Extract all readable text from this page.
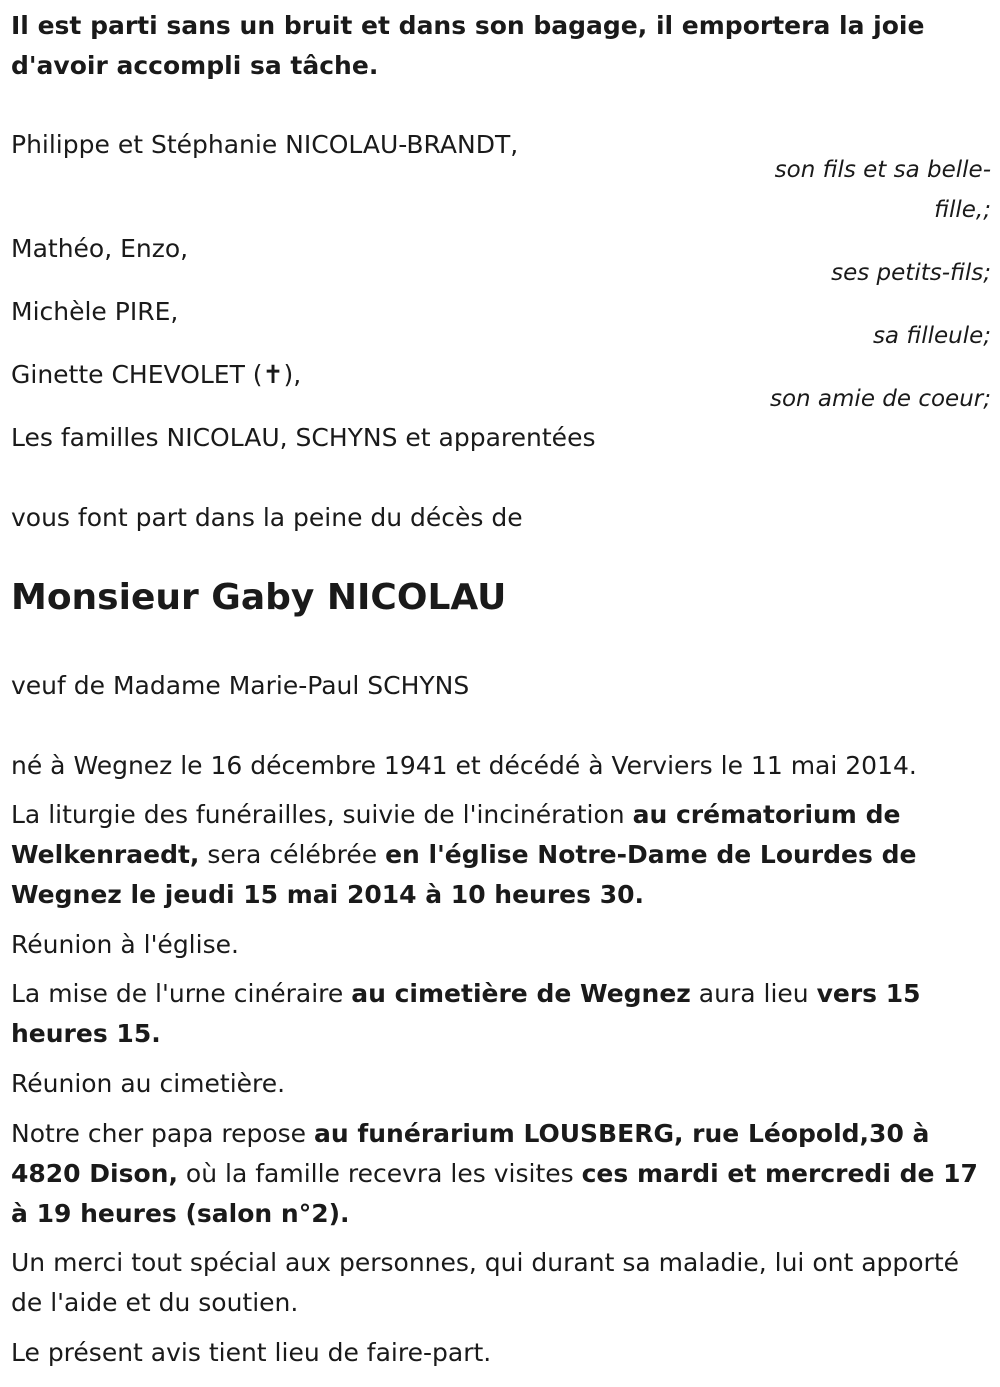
Il est parti sans un bruit et dans son bagage, il emportera la joie d'avoir accompli sa tâche.

Philippe et Stéphanie NICOLAU-BRANDT,

son fils et sa belle-fille,;

Mathéo, Enzo,

ses petits-fils;

Michèle PIRE,

sa filleule;

Ginette CHEVOLET (✝),

son amie de coeur;

Les familles NICOLAU, SCHYNS et apparentées

vous font part dans la peine du décès de

Monsieur Gaby NICOLAU

veuf de Madame Marie-Paul SCHYNS

né à Wegnez le 16 décembre 1941 et décédé à Verviers le 11 mai 2014.

La liturgie des funérailles, suivie de l'incinération au crématorium de Welkenraedt, sera célébrée en l'église Notre-Dame de Lourdes de Wegnez le jeudi 15 mai 2014 à 10 heures 30.

Réunion à l'église.

La mise de l'urne cinéraire au cimetière de Wegnez aura lieu vers 15 heures 15.

Réunion au cimetière.

Notre cher papa repose au funérarium LOUSBERG, rue Léopold,30 à 4820 Dison, où la famille recevra les visites ces mardi et mercredi de 17 à 19 heures (salon n°2).

Un merci tout spécial aux personnes, qui durant sa maladie, lui ont apporté de l'aide et du soutien.

Le présent avis tient lieu de faire-part.
